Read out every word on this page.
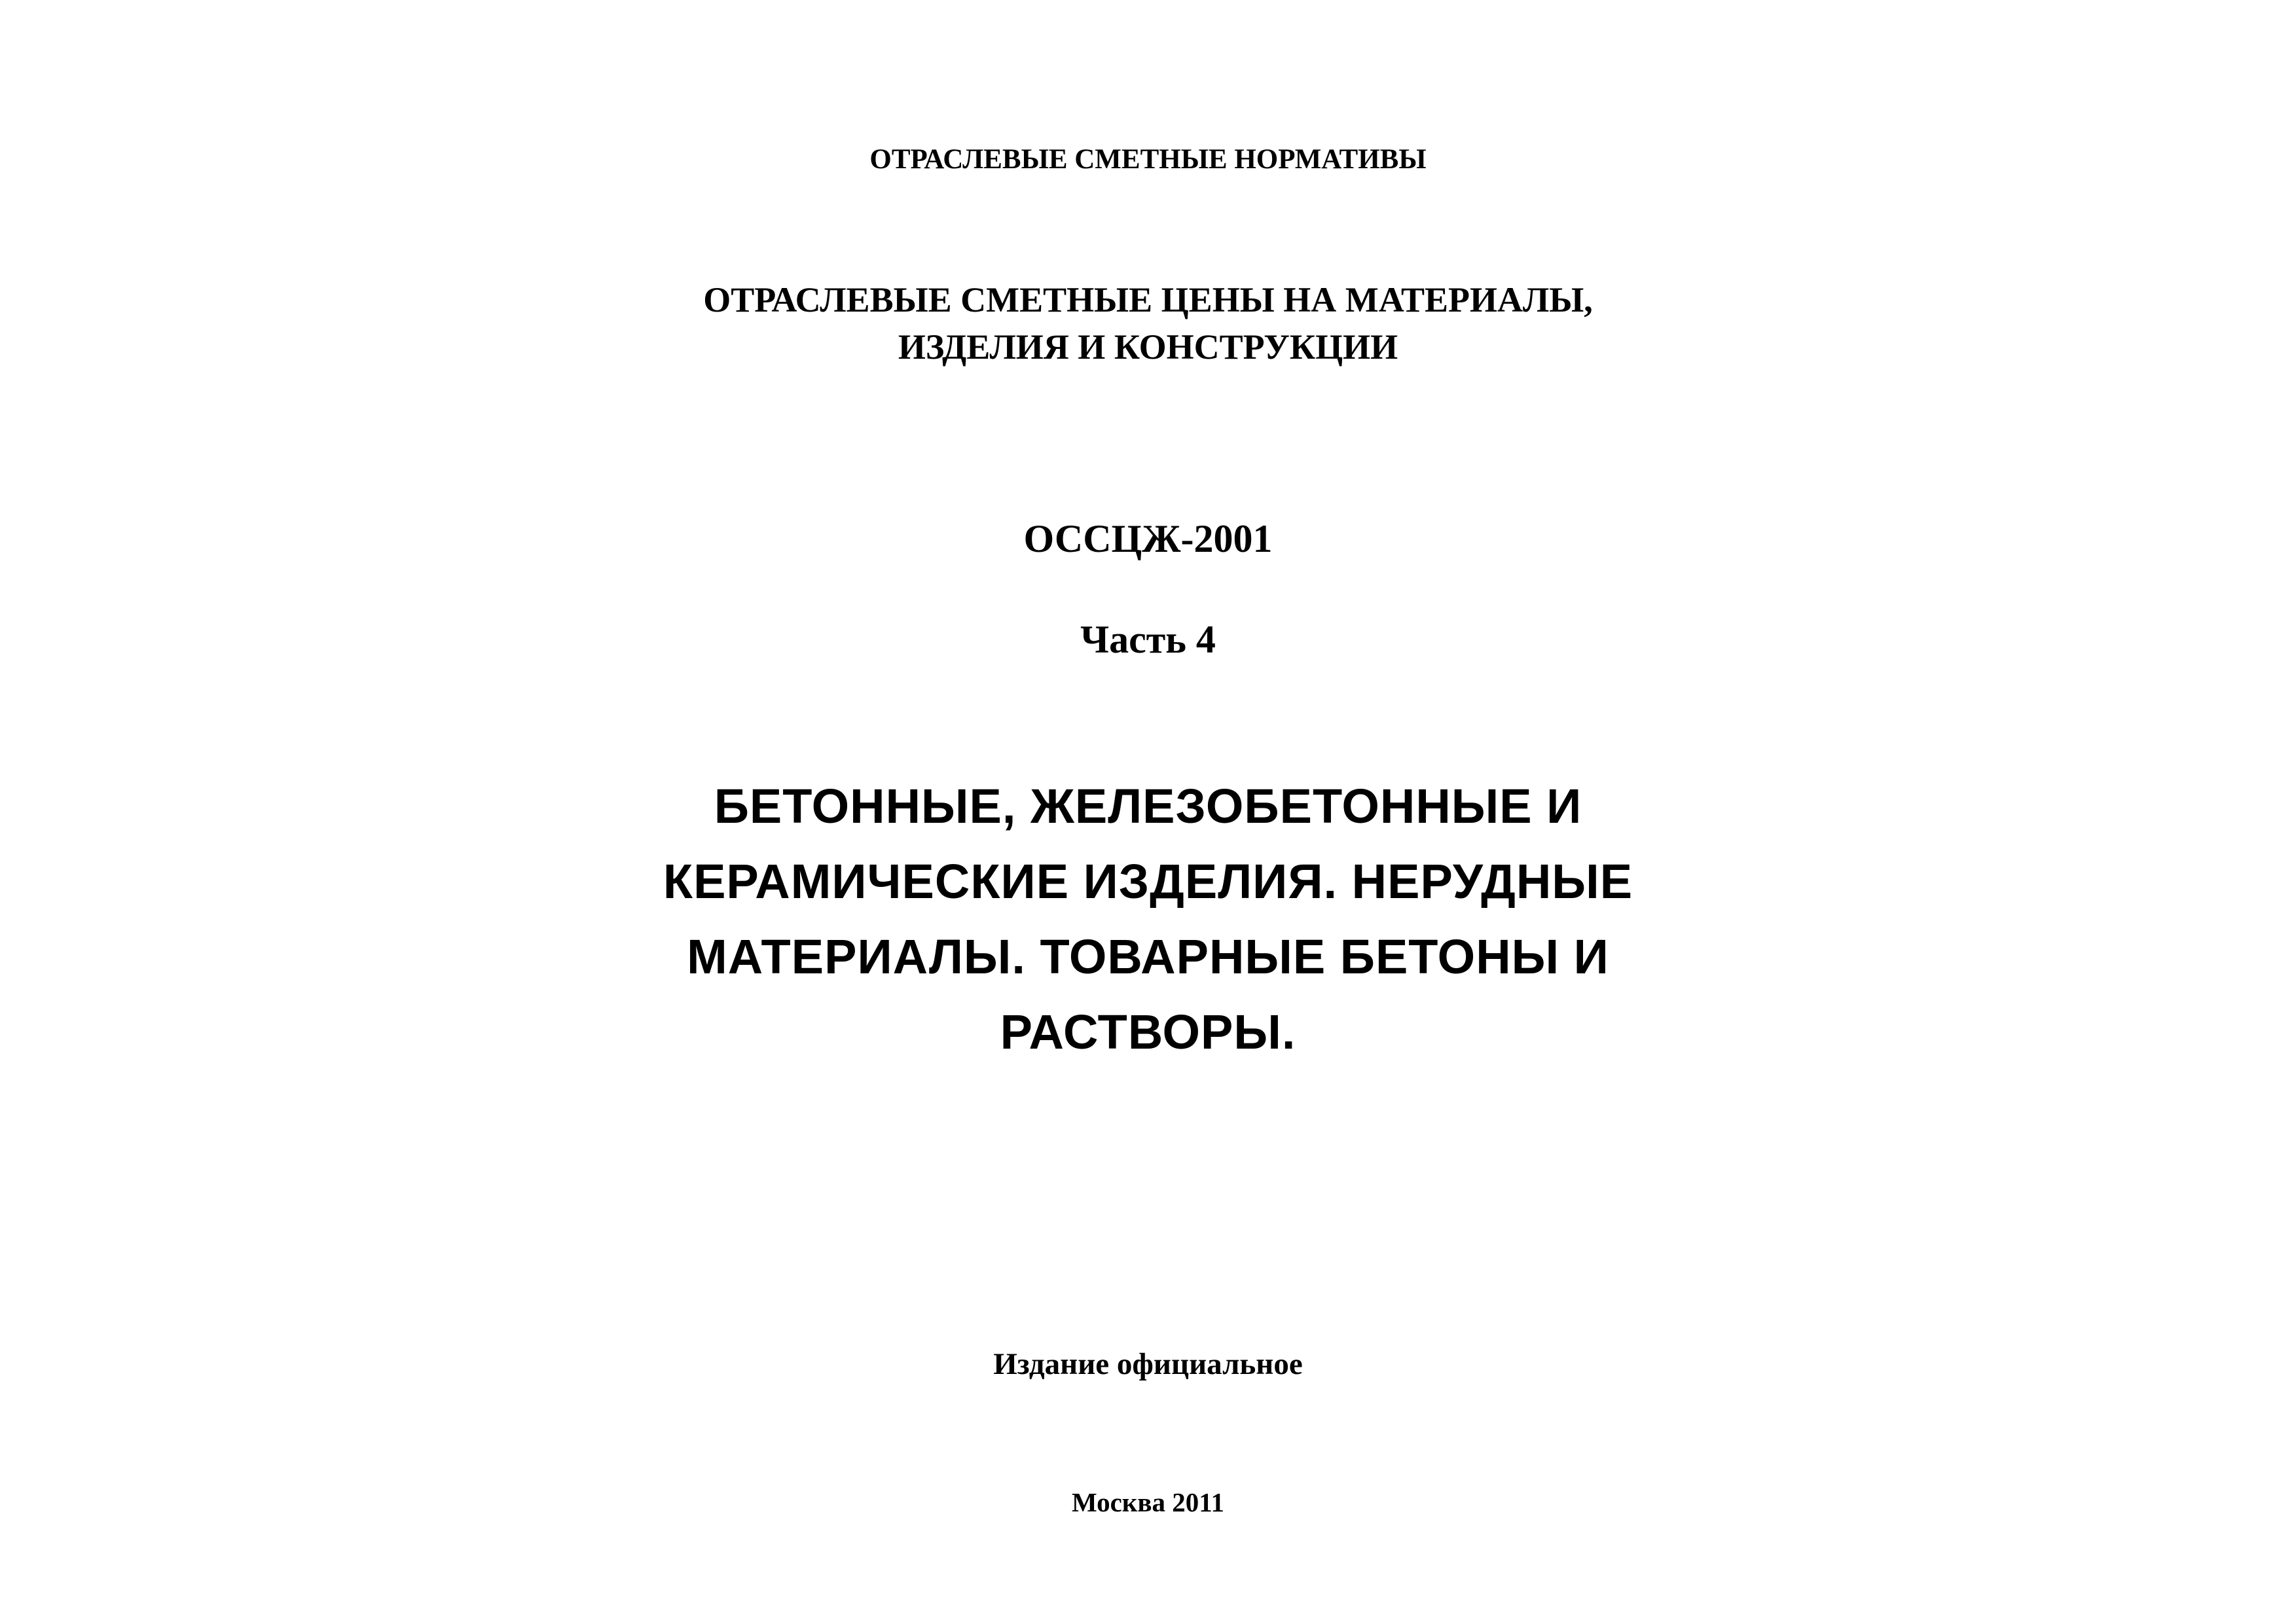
ОТРАСЛЕВЫЕ СМЕТНЫЕ НОРМАТИВЫ
ОТРАСЛЕВЫЕ СМЕТНЫЕ ЦЕНЫ НА МАТЕРИАЛЫ,
ИЗДЕЛИЯ И КОНСТРУКЦИИ
ОССЦЖ-2001
Часть 4
БЕТОННЫЕ, ЖЕЛЕЗОБЕТОННЫЕ И
КЕРАМИЧЕСКИЕ ИЗДЕЛИЯ. НЕРУДНЫЕ
МАТЕРИАЛЫ. ТОВАРНЫЕ БЕТОНЫ И
РАСТВОРЫ.
Издание официальное
Москва 2011
